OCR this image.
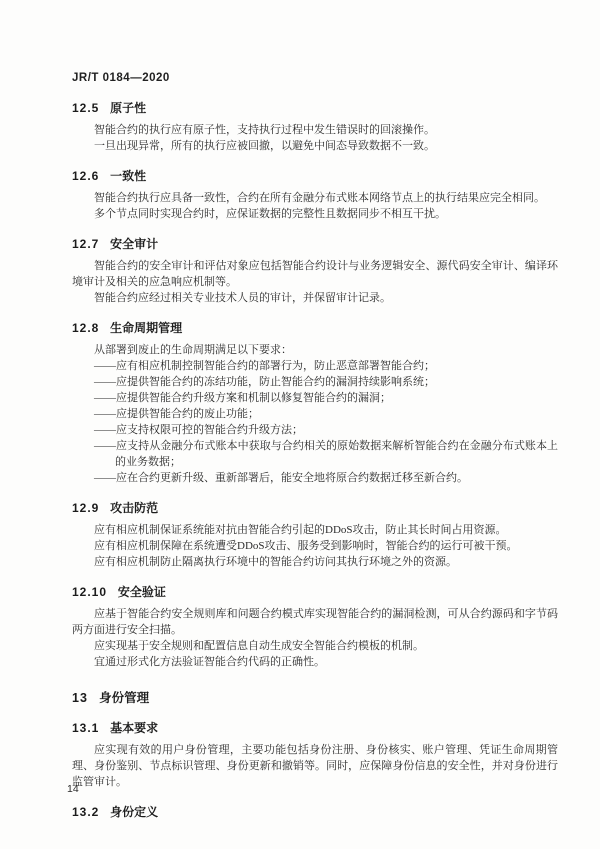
JR/T 0184—2020

12.5 原子性

智能合约的执行应有原子性，支持执行过程中发生错误时的回滚操作。

一旦出现异常，所有的执行应被回撤，以避免中间态导致数据不一致。

12.6 一致性

智能合约执行应具备一致性，合约在所有金融分布式账本网络节点上的执行结果应完全相同。

多个节点同时实现合约时，应保证数据的完整性且数据同步不相互干扰。

12.7 安全审计

智能合约的安全审计和评估对象应包括智能合约设计与业务逻辑安全、源代码安全审计、编译环境审计及相关的应急响应机制等。

智能合约应经过相关专业技术人员的审计，并保留审计记录。

12.8 生命周期管理

从部署到废止的生命周期满足以下要求：

——应有相应机制控制智能合约的部署行为，防止恶意部署智能合约；

——应提供智能合约的冻结功能，防止智能合约的漏洞持续影响系统；

——应提供智能合约升级方案和机制以修复智能合约的漏洞；

——应提供智能合约的废止功能；

——应支持权限可控的智能合约升级方法；

——应支持从金融分布式账本中获取与合约相关的原始数据来解析智能合约在金融分布式账本上的业务数据；

——应在合约更新升级、重新部署后，能安全地将原合约数据迁移至新合约。

12.9 攻击防范

应有相应机制保证系统能对抗由智能合约引起的DDoS攻击，防止其长时间占用资源。

应有相应机制保障在系统遭受DDoS攻击、服务受到影响时，智能合约的运行可被干预。

应有相应机制防止隔离执行环境中的智能合约访问其执行环境之外的资源。

12.10 安全验证

应基于智能合约安全规则库和问题合约模式库实现智能合约的漏洞检测，可从合约源码和字节码两方面进行安全扫描。

应实现基于安全规则和配置信息自动生成安全智能合约模板的机制。

宜通过形式化方法验证智能合约代码的正确性。

13 身份管理
13.1 基本要求

应实现有效的用户身份管理，主要功能包括身份注册、身份核实、账户管理、凭证生命周期管理、身份鉴别、节点标识管理、身份更新和撤销等。同时，应保障身份信息的安全性，并对身份进行监管审计。

13.2 身份定义
14
